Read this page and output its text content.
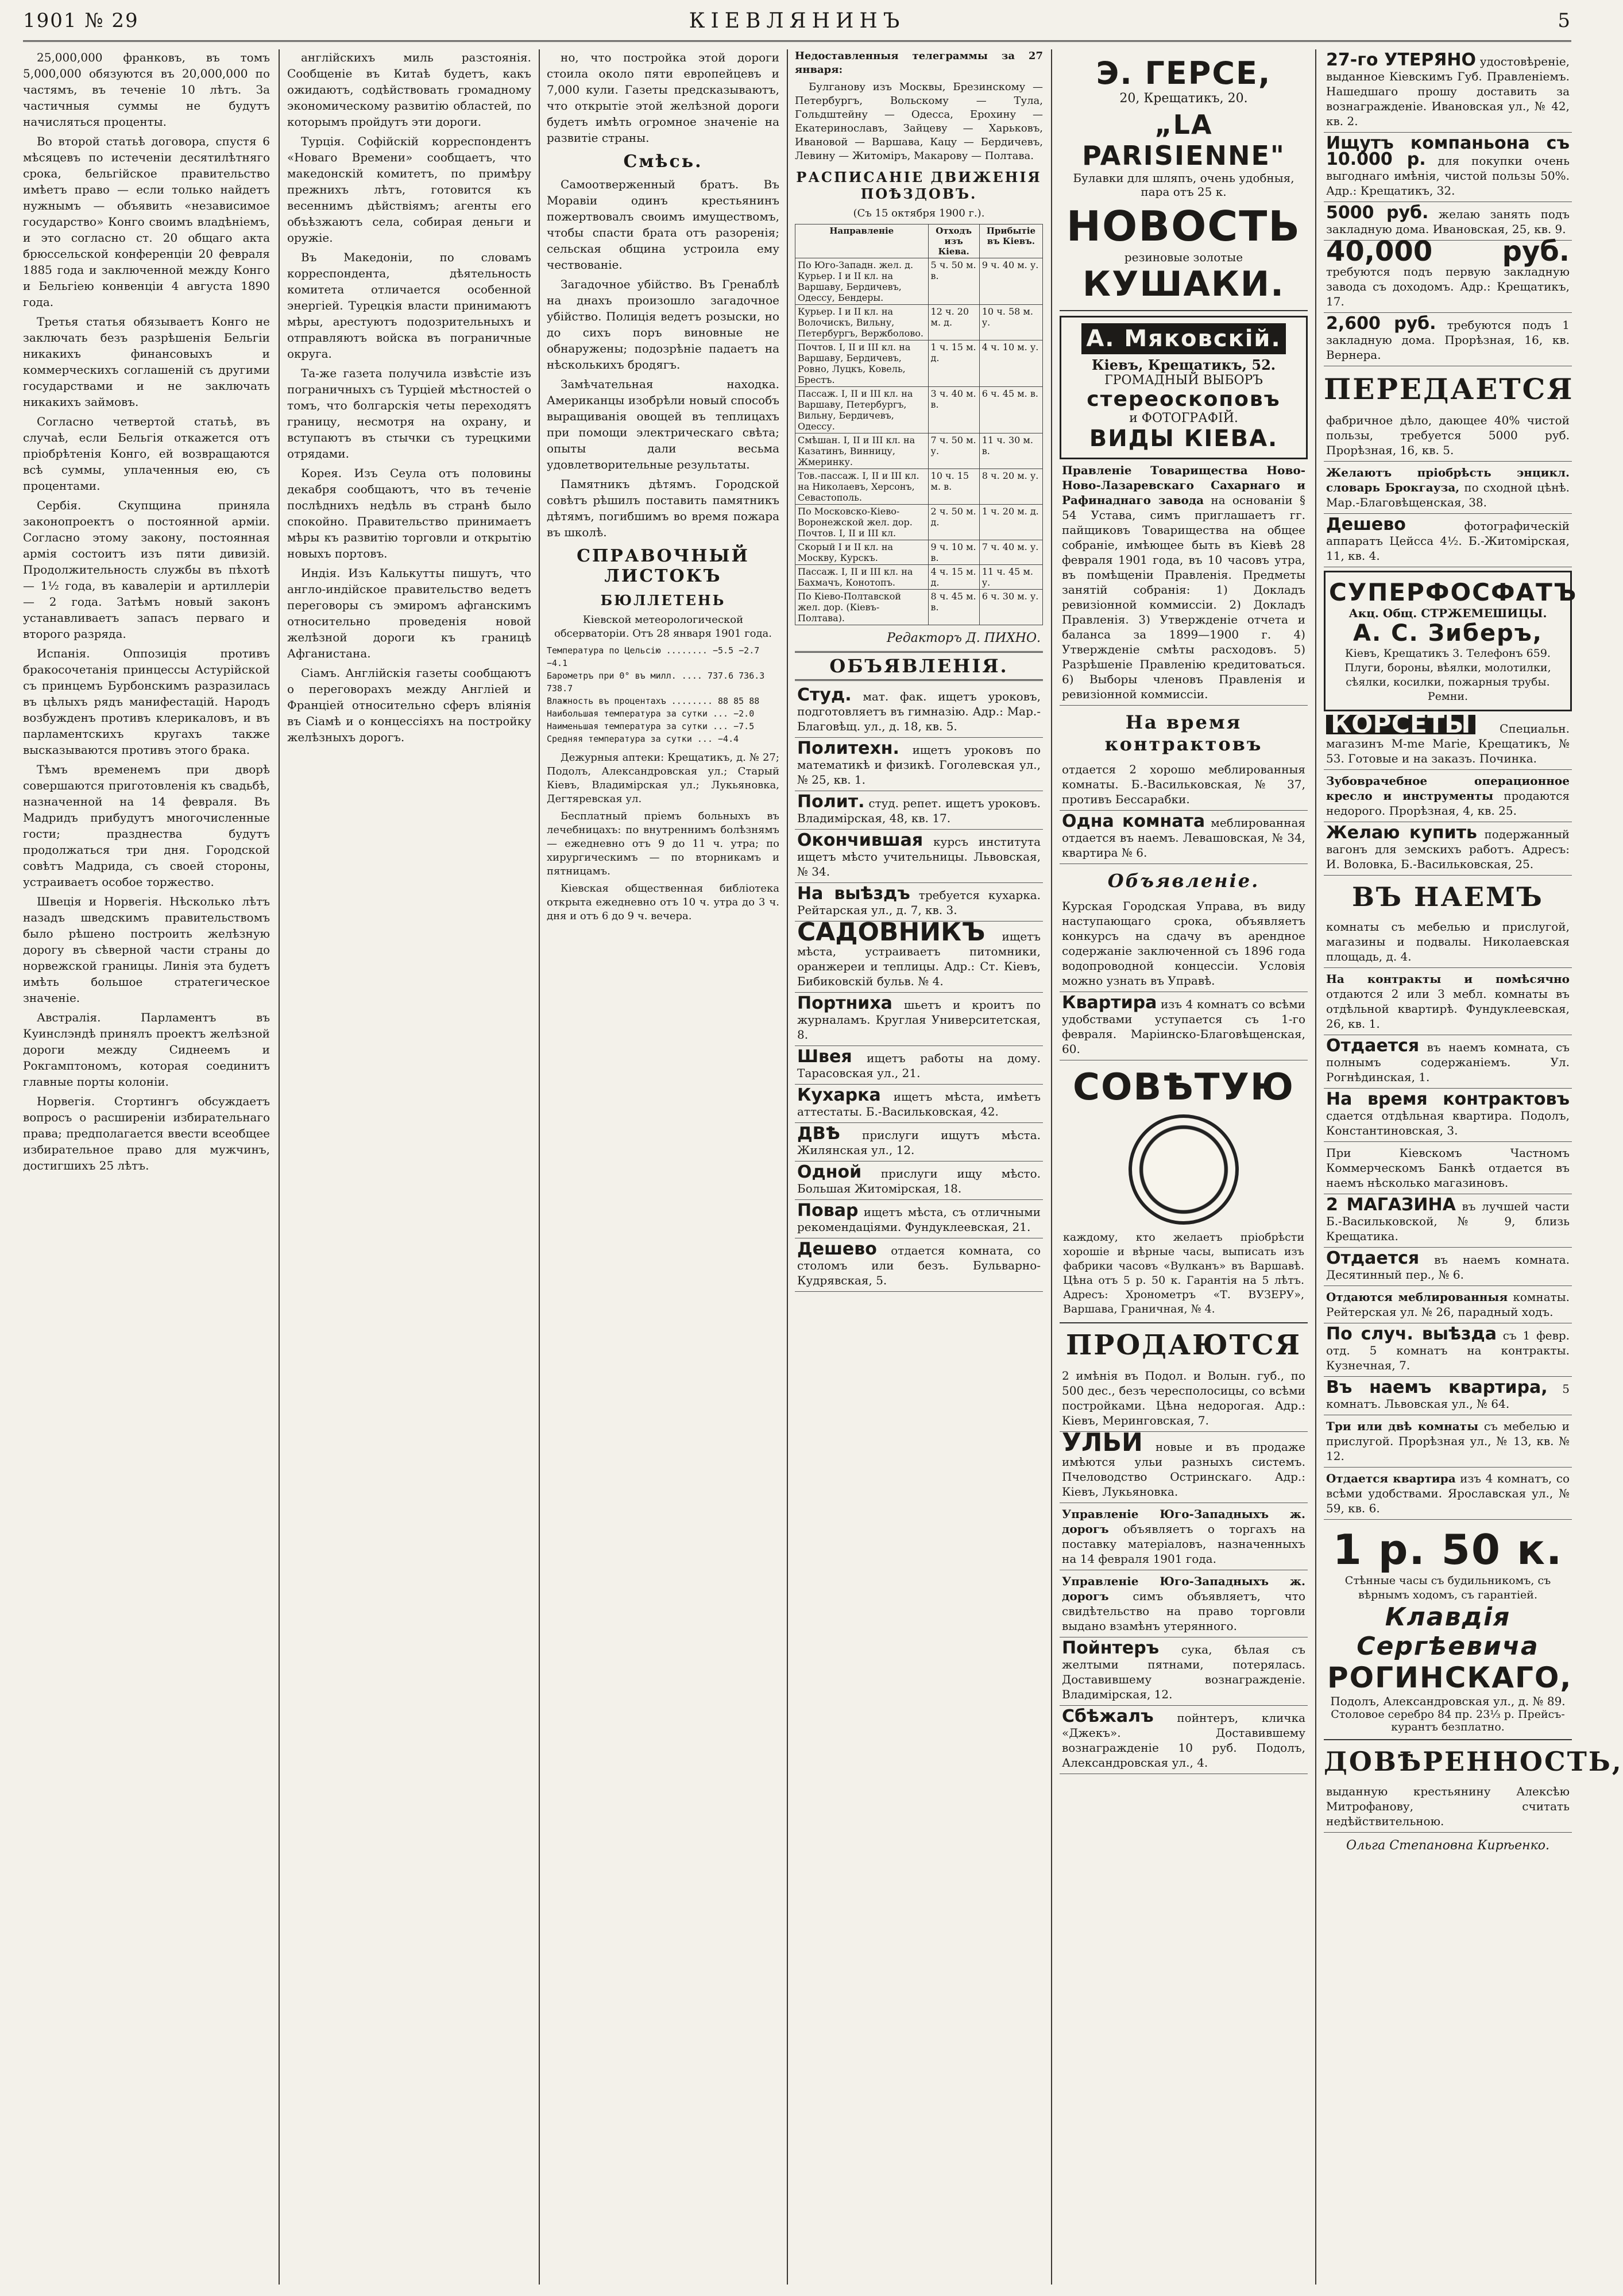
1901 № 29	КІЕВЛЯНИНЪ	5

25,000,000 франковъ, въ томъ 5,000,000 обязуются въ 20,000,000 по частямъ, въ теченіе 10 лѣтъ. За частичныя суммы не будутъ начисляться проценты.

Во второй статьѣ договора, спустя 6 мѣсяцевъ по истеченіи десятилѣтняго срока, бельгійское правительство имѣетъ право — если только найдетъ нужнымъ — объявить «независимое государство» Конго своимъ владѣніемъ, и это согласно ст. 20 общаго акта брюссельской конференціи 20 февраля 1885 года и заключенной между Конго и Бельгіею конвенціи 4 августа 1890 года.

Третья статья обязываетъ Конго не заключать безъ разрѣшенія Бельгіи никакихъ финансовыхъ и коммерческихъ соглашеній съ другими государствами и не заключать никакихъ займовъ.

Согласно четвертой статьѣ, въ случаѣ, если Бельгія откажется отъ пріобрѣтенія Конго, ей возвращаются всѣ суммы, уплаченныя ею, съ процентами.

Сербія. Скупщина приняла законопроектъ о постоянной арміи. Согласно этому закону, постоянная армія состоитъ изъ пяти дивизій. Продолжительность службы въ пѣхотѣ — 1½ года, въ кавалеріи и артиллеріи — 2 года. Затѣмъ новый законъ устанавливаетъ запасъ перваго и второго разряда.

Испанія. Оппозиція противъ бракосочетанія принцессы Астурійской съ принцемъ Бурбонскимъ разразилась въ цѣлыхъ рядъ манифестацій. Народъ возбужденъ противъ клерикаловъ, и въ парламентскихъ кругахъ также высказываются противъ этого брака.

Тѣмъ временемъ при дворѣ совершаются приготовленія къ свадьбѣ, назначенной на 14 февраля. Въ Мадридъ прибудутъ многочисленные гости; празднества будутъ продолжаться три дня. Городской совѣтъ Мадрида, съ своей стороны, устраиваетъ особое торжество.

Швеція и Норвегія. Нѣсколько лѣтъ назадъ шведскимъ правительствомъ было рѣшено построить желѣзную дорогу въ сѣверной части страны до норвежской границы. Линія эта будетъ имѣть большое стратегическое значеніе.

Австралія. Парламентъ въ Куинслэндѣ принялъ проектъ желѣзной дороги между Сиднеемъ и Рокгамптономъ, которая соединитъ главные порты колоніи.

Норвегія. Стортингъ обсуждаетъ вопросъ о расширеніи избирательнаго права; предполагается ввести всеобщее избирательное право для мужчинъ, достигшихъ 25 лѣтъ.

англійскихъ миль разстоянія. Сообщеніе въ Китаѣ будетъ, какъ ожидаютъ, содѣйствовать громадному экономическому развитію областей, по которымъ пройдутъ эти дороги.

Турція. Софійскій корреспондентъ «Новаго Времени» сообщаетъ, что македонскій комитетъ, по примѣру прежнихъ лѣтъ, готовится къ весеннимъ дѣйствіямъ; агенты его объѣзжаютъ села, собирая деньги и оружіе.

Въ Македоніи, по словамъ корреспондента, дѣятельность комитета отличается особенной энергіей. Турецкія власти принимаютъ мѣры, арестуютъ подозрительныхъ и отправляютъ войска въ пограничные округа.

Та-же газета получила извѣстіе изъ пограничныхъ съ Турціей мѣстностей о томъ, что болгарскія четы переходятъ границу, несмотря на охрану, и вступаютъ въ стычки съ турецкими отрядами.

Корея. Изъ Сеула отъ половины декабря сообщаютъ, что въ теченіе послѣднихъ недѣль въ странѣ было спокойно. Правительство принимаетъ мѣры къ развитію торговли и открытію новыхъ портовъ.

Индія. Изъ Калькутты пишутъ, что англо-индійское правительство ведетъ переговоры съ эмиромъ афганскимъ относительно проведенія новой желѣзной дороги къ границѣ Афганистана.

Сіамъ. Англійскія газеты сообщаютъ о переговорахъ между Англіей и Франціей относительно сферъ вліянія въ Сіамѣ и о концессіяхъ на постройку желѣзныхъ дорогъ.

но, что постройка этой дороги стоила около пяти европейцевъ и 7,000 кули. Газеты предсказываютъ, что открытіе этой желѣзной дороги будетъ имѣть огромное значеніе на развитіе страны.

Смѣсь.

Самоотверженный братъ. Въ Моравіи одинъ крестьянинъ пожертвовалъ своимъ имуществомъ, чтобы спасти брата отъ разоренія; сельская община устроила ему чествованіе.

Загадочное убійство. Въ Гренаблѣ на днахъ произошло загадочное убійство. Полиція ведетъ розыски, но до сихъ поръ виновные не обнаружены; подозрѣніе падаетъ на нѣсколькихъ бродягъ.

Замѣчательная находка. Американцы изобрѣли новый способъ выращиванія овощей въ теплицахъ при помощи электрическаго свѣта; опыты дали весьма удовлетворительные результаты.

Памятникъ дѣтямъ. Городской совѣтъ рѣшилъ поставить памятникъ дѣтямъ, погибшимъ во время пожара въ школѣ.

СПРАВОЧНЫЙ ЛИСТОКЪ
БЮЛЛЕТЕНЬ

Кіевской метеорологической обсерваторіи. Отъ 28 января 1901 года.

Температура по Цельсію ........ −5.5 −2.7 −4.1
Барометръ при 0° въ милл. .... 737.6 736.3 738.7
Влажность въ процентахъ ........ 88 85 88
Наибольшая температура за сутки ... −2.0
Наименьшая температура за сутки ... −7.5
Средняя температура за сутки ... −4.4

Дежурныя аптеки: Крещатикъ, д. № 27; Подолъ, Александровская ул.; Старый Кіевъ, Владимірская ул.; Лукьяновка, Дегтяревская ул.

Бесплатный пріемъ больныхъ въ лечебницахъ: по внутреннимъ болѣзнямъ — ежедневно отъ 9 до 11 ч. утра; по хирургическимъ — по вторникамъ и пятницамъ.

Кіевская общественная библіотека открыта ежедневно отъ 10 ч. утра до 3 ч. дня и отъ 6 до 9 ч. вечера.

Недоставленныя телеграммы за 27 января:

Булганову изъ Москвы, Брезинскому — Петербургъ, Вольскому — Тула, Гольдштейну — Одесса, Ерохину — Екатеринославъ, Зайцеву — Харьковъ, Ивановой — Варшава, Кацу — Бердичевъ, Левину — Житоміръ, Макарову — Полтава.

РАСПИСАНІЕ ДВИЖЕНІЯ ПОѢЗДОВЪ.

(Съ 15 октября 1900 г.).

Направленіе	Отходъ изъ Кіева.	Прибытіе въ Кіевъ.
По Юго-Западн. жел. д. Курьер. I и II кл. на Варшаву, Бердичевъ, Одессу, Бендеры.	5 ч. 50 м. в.	9 ч. 40 м. у.
Курьер. I и II кл. на Волочискъ, Вильну, Петербургъ, Вержболово.	12 ч. 20 м. д.	10 ч. 58 м. у.
Почтов. I, II и III кл. на Варшаву, Бердичевъ, Ровно, Луцкъ, Ковель, Брестъ.	1 ч. 15 м. д.	4 ч. 10 м. у.
Пассаж. I, II и III кл. на Варшаву, Петербургъ, Вильну, Бердичевъ, Одессу.	3 ч. 40 м. в.	6 ч. 45 м. в.
Смѣшан. I, II и III кл. на Казатинъ, Винницу, Жмеринку.	7 ч. 50 м. у.	11 ч. 30 м. в.
Тов.-пассаж. I, II и III кл. на Николаевъ, Херсонъ, Севастополь.	10 ч. 15 м. в.	8 ч. 20 м. у.
По Московско-Кіево-Воронежской жел. дор. Почтов. I, II и III кл.	2 ч. 50 м. д.	1 ч. 20 м. д.
Скорый I и II кл. на Москву, Курскъ.	9 ч. 10 м. в.	7 ч. 40 м. у.
Пассаж. I, II и III кл. на Бахмачъ, Конотопъ.	4 ч. 15 м. д.	11 ч. 45 м. у.
По Кіево-Полтавской жел. дор. (Кіевъ-Полтава).	8 ч. 45 м. в.	6 ч. 30 м. у.
Редакторъ Д. ПИХНО.
ОБЪЯВЛЕНІЯ.
Студ. мат. фак. ищетъ уроковъ, подготовляетъ въ гимназію. Адр.: Мар.-Благовѣщ. ул., д. 18, кв. 5.
Политехн. ищетъ уроковъ по математикѣ и физикѣ. Гоголевская ул., № 25, кв. 1.
Полит. студ. репет. ищетъ уроковъ. Владимірская, 48, кв. 17.
Окончившая курсъ института ищетъ мѣсто учительницы. Львовская, № 34.
На выѣздъ требуется кухарка. Рейтарская ул., д. 7, кв. 3.
САДОВНИКЪ ищетъ мѣста, устраиваетъ питомники, оранжереи и теплицы. Адр.: Ст. Кіевъ, Бибиковскій бульв. № 4.
Портниха шьетъ и кроитъ по журналамъ. Круглая Университетская, 8.
Швея ищетъ работы на дому. Тарасовская ул., 21.
Кухарка ищетъ мѣста, имѣетъ аттестаты. Б.-Васильковская, 42.
ДВѢ прислуги ищутъ мѣста. Жилянская ул., 12.
Одной прислуги ищу мѣсто. Большая Житомірская, 18.
Повар ищетъ мѣста, съ отличными рекомендаціями. Фундуклеевская, 21.
Дешево отдается комната, со столомъ или безъ. Бульварно-Кудрявская, 5.
Э. ГЕРСЕ,
20, Крещатикъ, 20.
„LA PARISIENNE"
Булавки для шляпъ, очень удобныя, пара отъ 25 к.
НОВОСТЬ
резиновые золотые
КУШАКИ.
А. Мяковскій.
Кіевъ, Крещатикъ, 52.
ГРОМАДНЫЙ ВЫБОРЪ
стереоскоповъ
и ФОТОГРАФІЙ.
ВИДЫ КІЕВА.
Правленіе Товарищества Ново-Ново-Лазаревскаго Сахарнаго и Рафинаднаго завода на основаніи § 54 Устава, симъ приглашаетъ гг. пайщиковъ Товарищества на общее собраніе, имѣющее быть въ Кіевѣ 28 февраля 1901 года, въ 10 часовъ утра, въ помѣщеніи Правленія. Предметы занятій собранія: 1) Докладъ ревизіонной коммиссіи. 2) Докладъ Правленія. 3) Утвержденіе отчета и баланса за 1899—1900 г. 4) Утвержденіе смѣты расходовъ. 5) Разрѣшеніе Правленію кредитоваться. 6) Выборы членовъ Правленія и ревизіонной коммиссіи.
На время контрактовъ
отдается 2 хорошо меблированныя комнаты. Б.-Васильковская, № 37, противъ Бессарабки.
Одна комната меблированная отдается въ наемъ. Левашовская, № 34, квартира № 6.
Объявленіе.
Курская Городская Управа, въ виду наступающаго срока, объявляетъ конкурсъ на сдачу въ арендное содержаніе заключенной съ 1896 года водопроводной концессіи. Условія можно узнать въ Управѣ.
Квартира изъ 4 комнатъ со всѣми удобствами уступается съ 1-го февраля. Маріинско-Благовѣщенская, 60.
СОВѢТУЮ
каждому, кто желаетъ пріобрѣсти хорошіе и вѣрные часы, выписать изъ фабрики часовъ «Вулканъ» въ Варшавѣ. Цѣна отъ 5 р. 50 к. Гарантія на 5 лѣтъ. Адресъ: Хронометръ «Т. ВУЗЕРУ», Варшава, Граничная, № 4.
ПРОДАЮТСЯ
2 имѣнія въ Подол. и Волын. губ., по 500 дес., безъ чересполосицы, со всѣми постройками. Цѣна недорогая. Адр.: Кіевъ, Меринговская, 7.
УЛЬИ новые и въ продаже имѣются ульи разныхъ системъ. Пчеловодство Остринскаго. Адр.: Кіевъ, Лукьяновка.
Управленіе Юго-Западныхъ ж. дорогъ объявляетъ о торгахъ на поставку матеріаловъ, назначенныхъ на 14 февраля 1901 года.
Управленіе Юго-Западныхъ ж. дорогъ симъ объявляетъ, что свидѣтельство на право торговли выдано взамѣнъ утерянного.
Пойнтеръ сука, бѣлая съ желтыми пятнами, потерялась. Доставившему вознагражденіе. Владимірская, 12.
Сбѣжалъ пойнтеръ, кличка «Джекъ». Доставившему вознагражденіе 10 руб. Подолъ, Александровская ул., 4.
27-го УТЕРЯНО удостовѣреніе, выданное Кіевскимъ Губ. Правленіемъ. Нашедшаго прошу доставить за вознагражденіе. Ивановская ул., № 42, кв. 2.
Ищутъ компаньона съ 10.000 р. для покупки очень выгоднаго имѣнія, чистой пользы 50%. Адр.: Крещатикъ, 32.
5000 руб. желаю занять подъ закладную дома. Ивановская, 25, кв. 9.
40,000 руб. требуются подъ первую закладную завода съ доходомъ. Адр.: Крещатикъ, 17.
2,600 руб. требуются подъ 1 закладную дома. Прорѣзная, 16, кв. Вернера.
ПЕРЕДАЕТСЯ
фабричное дѣло, дающее 40% чистой пользы, требуется 5000 руб. Прорѣзная, 16, кв. 5.
Желаютъ пріобрѣсть энцикл. словарь Брокгауза, по сходной цѣнѣ. Мар.-Благовѣщенская, 38.
Дешево	фотографическій аппаратъ Цейсса 4½. Б.-Житомірская, 11, кв. 4.
СУПЕРФОСФАТЪ
Акц. Общ. СТРЖЕМЕШИЦЫ.
А. С. Зиберъ,
Кіевъ, Крещатикъ 3. Телефонъ 659. Плуги, бороны, вѣялки, молотилки, сѣялки, косилки, пожарныя трубы. Ремни.
КОРСЕТЫ	Специальн. магазинъ M-me Marie, Крещатикъ, № 53. Готовые и на заказъ. Починка.
Зубоврачебное операционное кресло и инструменты продаются недорого. Прорѣзная, 4, кв. 25.
Желаю купить подержанный вагонъ для земскихъ работъ. Адресъ: И. Воловка, Б.-Васильковская, 25.
ВЪ НАЕМЪ
комнаты съ мебелью и прислугой, магазины и подвалы. Николаевская площадь, д. 4.
На контракты и помѣсячно отдаются 2 или 3 мебл. комнаты въ отдѣльной квартирѣ. Фундуклеевская, 26, кв. 1.
Отдается въ наемъ комната, съ полнымъ содержаніемъ. Ул. Рогнѣдинская, 1.
На время контрактовъ сдается отдѣльная квартира. Подолъ, Константиновская, 3.
При Кіевскомъ Частномъ Коммерческомъ Банкѣ отдается въ наемъ нѣсколько магазиновъ.
2 МАГАЗИНА въ лучшей части Б.-Васильковской, № 9, близь Крещатика.
Отдается въ наемъ комната. Десятинный пер., № 6.
Отдаются меблированныя комнаты. Рейтерская ул. № 26, парадный ходъ.
По случ. выѣзда съ 1 февр. отд. 5 комнатъ на контракты. Кузнечная, 7.
Въ наемъ квартира, 5 комнатъ. Львовская ул., № 64.
Три или двѣ комнаты съ мебелью и прислугой. Прорѣзная ул., № 13, кв. № 12.
Отдается квартира изъ 4 комнатъ, со всѣми удобствами. Ярославская ул., № 59, кв. 6.
1 р. 50 к.
Стѣнные часы съ будильникомъ, съ вѣрнымъ ходомъ, съ гарантіей.
Клавдія Сергѣевича
РОГИНСКАГО,
Подолъ, Александровская ул., д. № 89.
Столовое серебро 84 пр. 23⅓ р. Прейсъ-курантъ безплатно.
ДОВѢРЕННОСТЬ,
выданную крестьянину Алексѣю Митрофанову, считать недѣйствительною.
Ольга Степановна Кирѣенко.
